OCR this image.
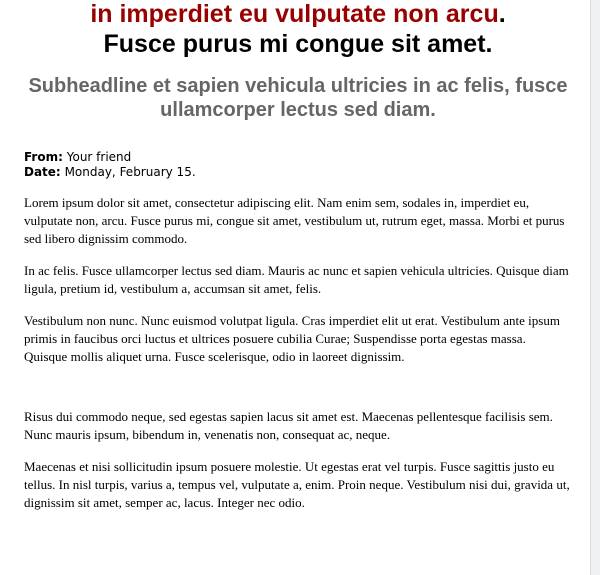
in imperdiet eu vulputate non arcu.
Fusce purus mi congue sit amet.
Subheadline et sapien vehicula ultricies in ac felis, fusce ullamcorper lectus sed diam.
From: Your friend
Date: Monday, February 15.

Lorem ipsum dolor sit amet, consectetur adipiscing elit. Nam enim sem, sodales in, imperdiet eu, vulputate non, arcu. Fusce purus mi, congue sit amet, vestibulum ut, rutrum eget, massa. Morbi et purus sed libero dignissim commodo.

In ac felis. Fusce ullamcorper lectus sed diam. Mauris ac nunc et sapien vehicula ultricies. Quisque diam ligula, pretium id, vestibulum a, accumsan sit amet, felis.

Vestibulum non nunc. Nunc euismod volutpat ligula. Cras imperdiet elit ut erat. Vestibulum ante ipsum primis in faucibus orci luctus et ultrices posuere cubilia Curae; Suspendisse porta egestas massa. Quisque mollis aliquet urna. Fusce scelerisque, odio in laoreet dignissim.

Risus dui commodo neque, sed egestas sapien lacus sit amet est. Maecenas pellentesque facilisis sem. Nunc mauris ipsum, bibendum in, venenatis non, consequat ac, neque.

Maecenas et nisi sollicitudin ipsum posuere molestie. Ut egestas erat vel turpis. Fusce sagittis justo eu tellus. In nisl turpis, varius a, tempus vel, vulputate a, enim. Proin neque. Vestibulum nisi dui, gravida ut, dignissim sit amet, semper ac, lacus. Integer nec odio.
